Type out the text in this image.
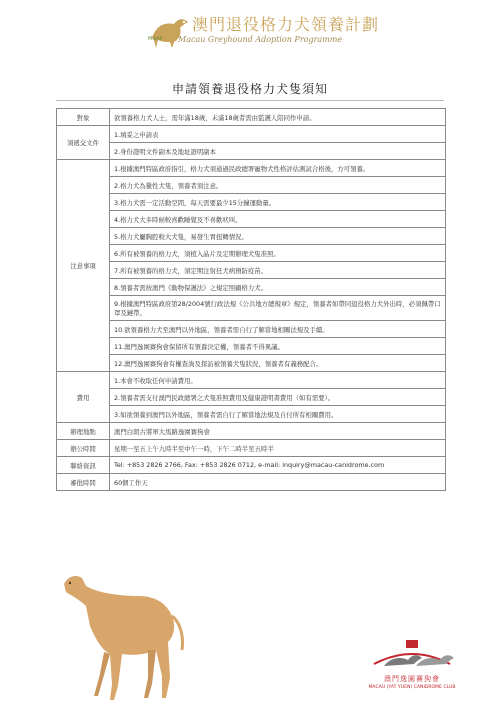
MGAP
澳門退役格力犬領養計劃
Macau Greyhound Adoption Programme
申請領養退役格力犬隻須知
對象	欲領養格力犬人士，需年滿18歲，未滿18歲者需由監護人陪同作申請。
須遞交文件	1.填妥之申請表
	2.身份證明文件副本及地址證明副本
注意事項	1.根據澳門特區政府指引，格力犬須通過民政總署寵物犬性格評估測試合格後，方可領養。
	2.格力犬為獵性犬隻，領養者須注意。
	3.格力犬需一定活動空間，每天需要最少15分鐘運動量。
	4.格力犬大多時候較喜歡睡覺及不喜歡吠叫。
	5.格力犬屬胸腔較大犬隻，易發生胃扭轉情況。
	6.所有被領養的格力犬，須植入晶片及定期辦理犬隻准照。
	7.所有被領養的格力犬，須定期注射狂犬病預防疫苗。
	8.領養者需按澳門《動物保護法》之規定照顧格力犬。
	9.根據澳門特區政府第28/2004號行政法規《公共地方總規章》規定，領養者如帶同退役格力犬外出時，必須佩帶口罩及鏈帶。
	10.欲領養格力犬至澳門以外地區，領養者需自行了解當地相關法規及手續。
	11.澳門逸園賽狗會保留所有領養決定權，領養者不得異議。
	12.澳門逸園賽狗會有權查詢及探訪被領養犬隻狀況，領養者有義務配合。
費用	1.本會不收取任何申請費用。
	2.領養者需支付澳門民政總署之犬隻准照費用及健康證明書費用（如有需要）。
	3.如欲領養到澳門以外地區，領養者需自行了解當地法規及自付所有相關費用。
辦理地點	澳門白朗古將軍大馬路逸園賽狗會
辦公時間	星期一至五上午九時半至中午一時，下午二時半至五時半
聯絡資訊	Tel: +853 2826 2766, Fax: +853 2826 0712, e-mail: inquiry@macau-canidrome.com
審批時間	60個工作天
澳門逸園賽狗會
MACAU (YAT YUEN) CANIDROME CLUB
